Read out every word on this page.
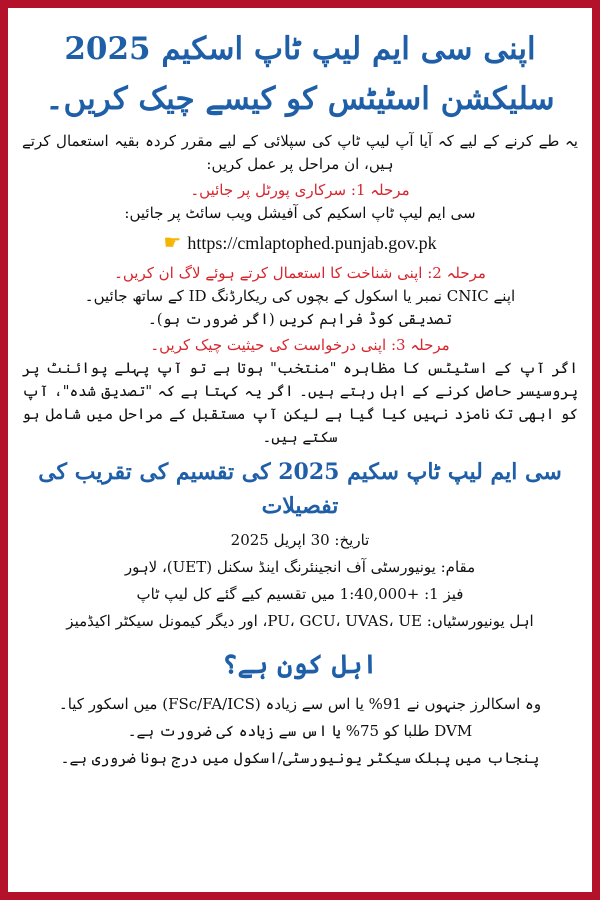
اپنی سی ایم لیپ ٹاپ اسکیم 2025 سلیکشن اسٹیٹس کو کیسے چیک کریں۔

یہ طے کرنے کے لیے کہ آیا آپ لیپ ٹاپ کی سپلائی کے لیے مقرر کردہ بقیہ استعمال کرتے ہیں، ان مراحل پر عمل کریں:

مرحلہ 1: سرکاری پورٹل پر جائیں۔

سی ایم لیپ ٹاپ اسکیم کی آفیشل ویب سائٹ پر جائیں:

https://cmlaptophed.punjab.gov.pk☛

مرحلہ 2: اپنی شناخت کا استعمال کرتے ہوئے لاگ ان کریں۔

اپنے CNIC نمبر یا اسکول کے بچوں کی ریکارڈنگ ID کے ساتھ جائیں۔

تصدیقی کوڈ فراہم کریں (اگر ضرورت ہو)۔

مرحلہ 3: اپنی درخواست کی حیثیت چیک کریں۔

اگر آپ کے اسٹیٹس کا مظاہرہ "منتخب" ہوتا ہے تو آپ پہلے پوائنٹ پر پروسیسر حاصل کرنے کے اہل رہتے ہیں۔ اگر یہ کہتا ہے کہ "تصدیق شدہ"، آپ کو ابھی تک نامزد نہیں کیا گیا ہے لیکن آپ مستقبل کے مراحل میں شامل ہو سکتے ہیں۔

سی ایم لیپ ٹاپ سکیم 2025 کی تقسیم کی تقریب کی تفصیلات

تاریخ: 30 اپریل 2025

مقام: یونیورسٹی آف انجینئرنگ اینڈ سکنل (UET)، لاہور

فیز 1: +1:40,000 میں تقسیم کیے گئے کل لیپ ٹاپ

اہل یونیورسٹیاں: PU، GCU، UVAS، UE، اور دیگر کیمونل سیکٹر اکیڈمیز

اہل کون ہے؟

وہ اسکالرز جنہوں نے 91% یا اس سے زیادہ (FSc/FA/ICS) میں اسکور کیا۔

DVM طلبا کو 75% یا اس سے زیادہ کی ضرورت ہے۔

پنجاب میں پبلک سیکٹر یونیورسٹی/اسکول میں درج ہونا ضروری ہے۔
